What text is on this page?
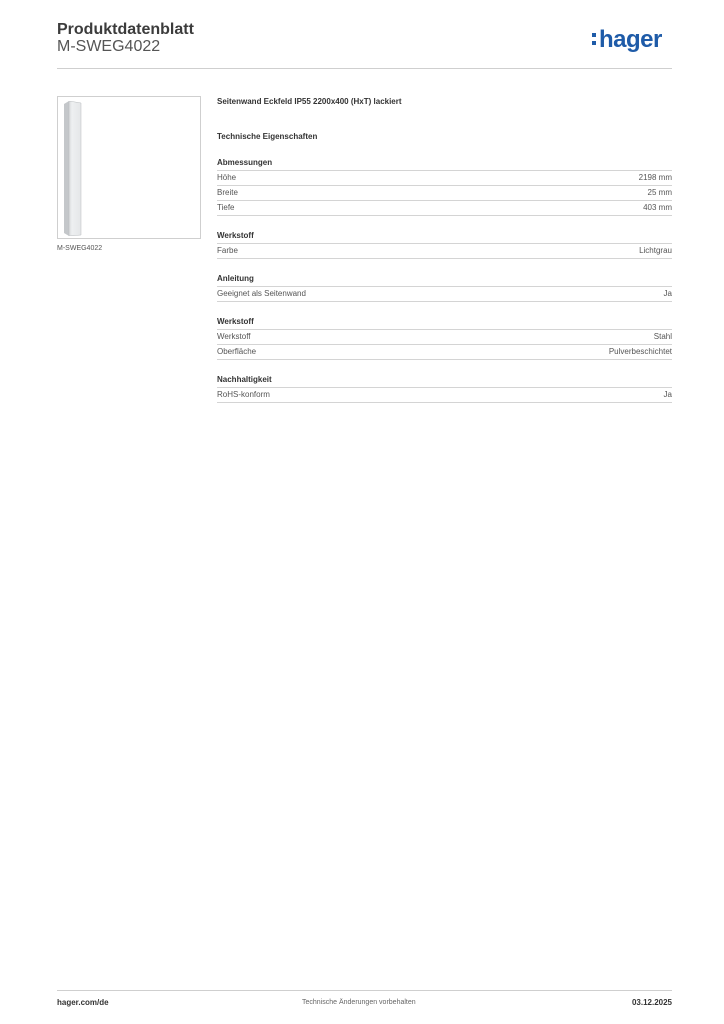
Produktdatenblatt
M-SWEG4022	hager
M-SWEG4022
Seitenwand Eckfeld IP55 2200x400 (HxT) lackiert
Technische Eigenschaften
Abmessungen
Höhe	2198 mm
Breite	25 mm
Tiefe	403 mm
Werkstoff
Farbe	Lichtgrau
Anleitung
Geeignet als Seitenwand	Ja
Werkstoff
Werkstoff	Stahl
Oberfläche	Pulverbeschichtet
Nachhaltigkeit
RoHS-konform	Ja
hager.com/de	Technische Änderungen vorbehalten	03.12.2025
